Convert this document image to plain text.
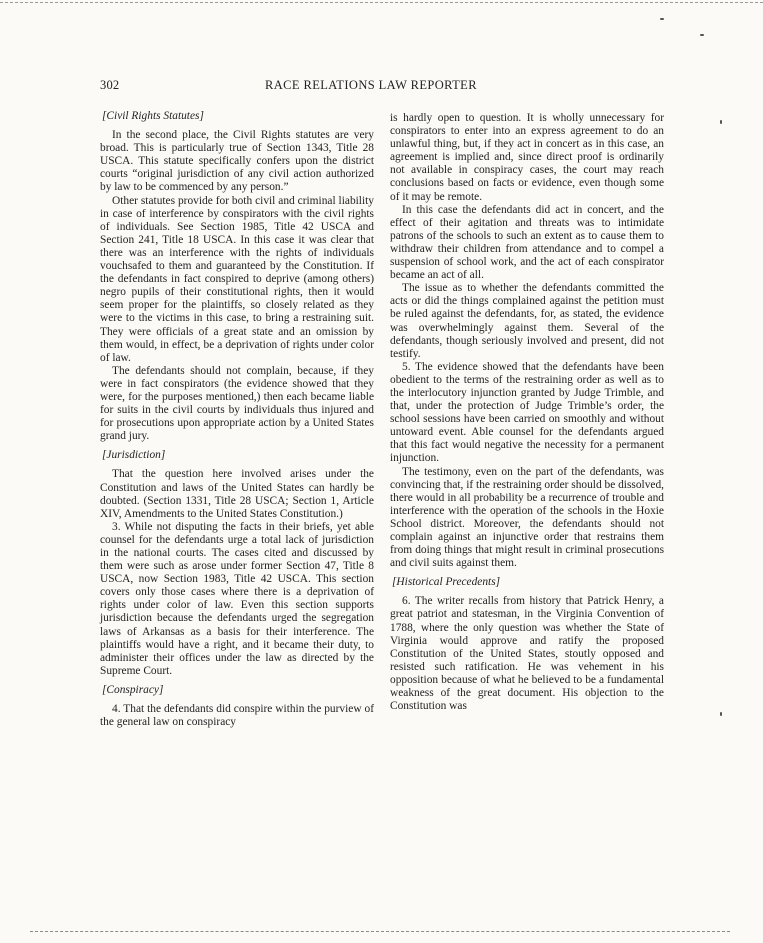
302	RACE RELATIONS LAW REPORTER

[Civil Rights Statutes]

In the second place, the Civil Rights statutes are very broad. This is particularly true of Section 1343, Title 28 USCA. This statute specifically confers upon the district courts “original jurisdiction of any civil action authorized by law to be commenced by any person.”

Other statutes provide for both civil and criminal liability in case of interference by conspirators with the civil rights of individuals. See Section 1985, Title 42 USCA and Section 241, Title 18 USCA. In this case it was clear that there was an interference with the rights of individuals vouchsafed to them and guaranteed by the Constitution. If the defendants in fact conspired to deprive (among others) negro pupils of their constitutional rights, then it would seem proper for the plaintiffs, so closely related as they were to the victims in this case, to bring a restraining suit. They were officials of a great state and an omission by them would, in effect, be a deprivation of rights under color of law.

The defendants should not complain, because, if they were in fact conspirators (the evidence showed that they were, for the purposes mentioned,) then each became liable for suits in the civil courts by individuals thus injured and for prosecutions upon appropriate action by a United States grand jury.

[Jurisdiction]

That the question here involved arises under the Constitution and laws of the United States can hardly be doubted. (Section 1331, Title 28 USCA; Section 1, Article XIV, Amendments to the United States Constitution.)

3. While not disputing the facts in their briefs, yet able counsel for the defendants urge a total lack of jurisdiction in the national courts. The cases cited and discussed by them were such as arose under former Section 47, Title 8 USCA, now Section 1983, Title 42 USCA. This section covers only those cases where there is a deprivation of rights under color of law. Even this section supports jurisdiction because the defendants urged the segregation laws of Arkansas as a basis for their interference. The plaintiffs would have a right, and it became their duty, to administer their offices under the law as directed by the Supreme Court.

[Conspiracy]

4. That the defendants did conspire within the purview of the general law on conspiracy

is hardly open to question. It is wholly unnecessary for conspirators to enter into an express agreement to do an unlawful thing, but, if they act in concert as in this case, an agreement is implied and, since direct proof is ordinarily not available in conspiracy cases, the court may reach conclusions based on facts or evidence, even though some of it may be remote.

In this case the defendants did act in concert, and the effect of their agitation and threats was to intimidate patrons of the schools to such an extent as to cause them to withdraw their children from attendance and to compel a suspension of school work, and the act of each conspirator became an act of all.

The issue as to whether the defendants committed the acts or did the things complained against the petition must be ruled against the defendants, for, as stated, the evidence was overwhelmingly against them. Several of the defendants, though seriously involved and present, did not testify.

5. The evidence showed that the defendants have been obedient to the terms of the restraining order as well as to the interlocutory injunction granted by Judge Trimble, and that, under the protection of Judge Trimble’s order, the school sessions have been carried on smoothly and without untoward event. Able counsel for the defendants argued that this fact would negative the necessity for a permanent injunction.

The testimony, even on the part of the defendants, was convincing that, if the restraining order should be dissolved, there would in all probability be a recurrence of trouble and interference with the operation of the schools in the Hoxie School district. Moreover, the defendants should not complain against an injunctive order that restrains them from doing things that might result in criminal prosecutions and civil suits against them.

[Historical Precedents]

6. The writer recalls from history that Patrick Henry, a great patriot and statesman, in the Virginia Convention of 1788, where the only question was whether the State of Virginia would approve and ratify the proposed Constitution of the United States, stoutly opposed and resisted such ratification. He was vehement in his opposition because of what he believed to be a fundamental weakness of the great document. His objection to the Constitution was
